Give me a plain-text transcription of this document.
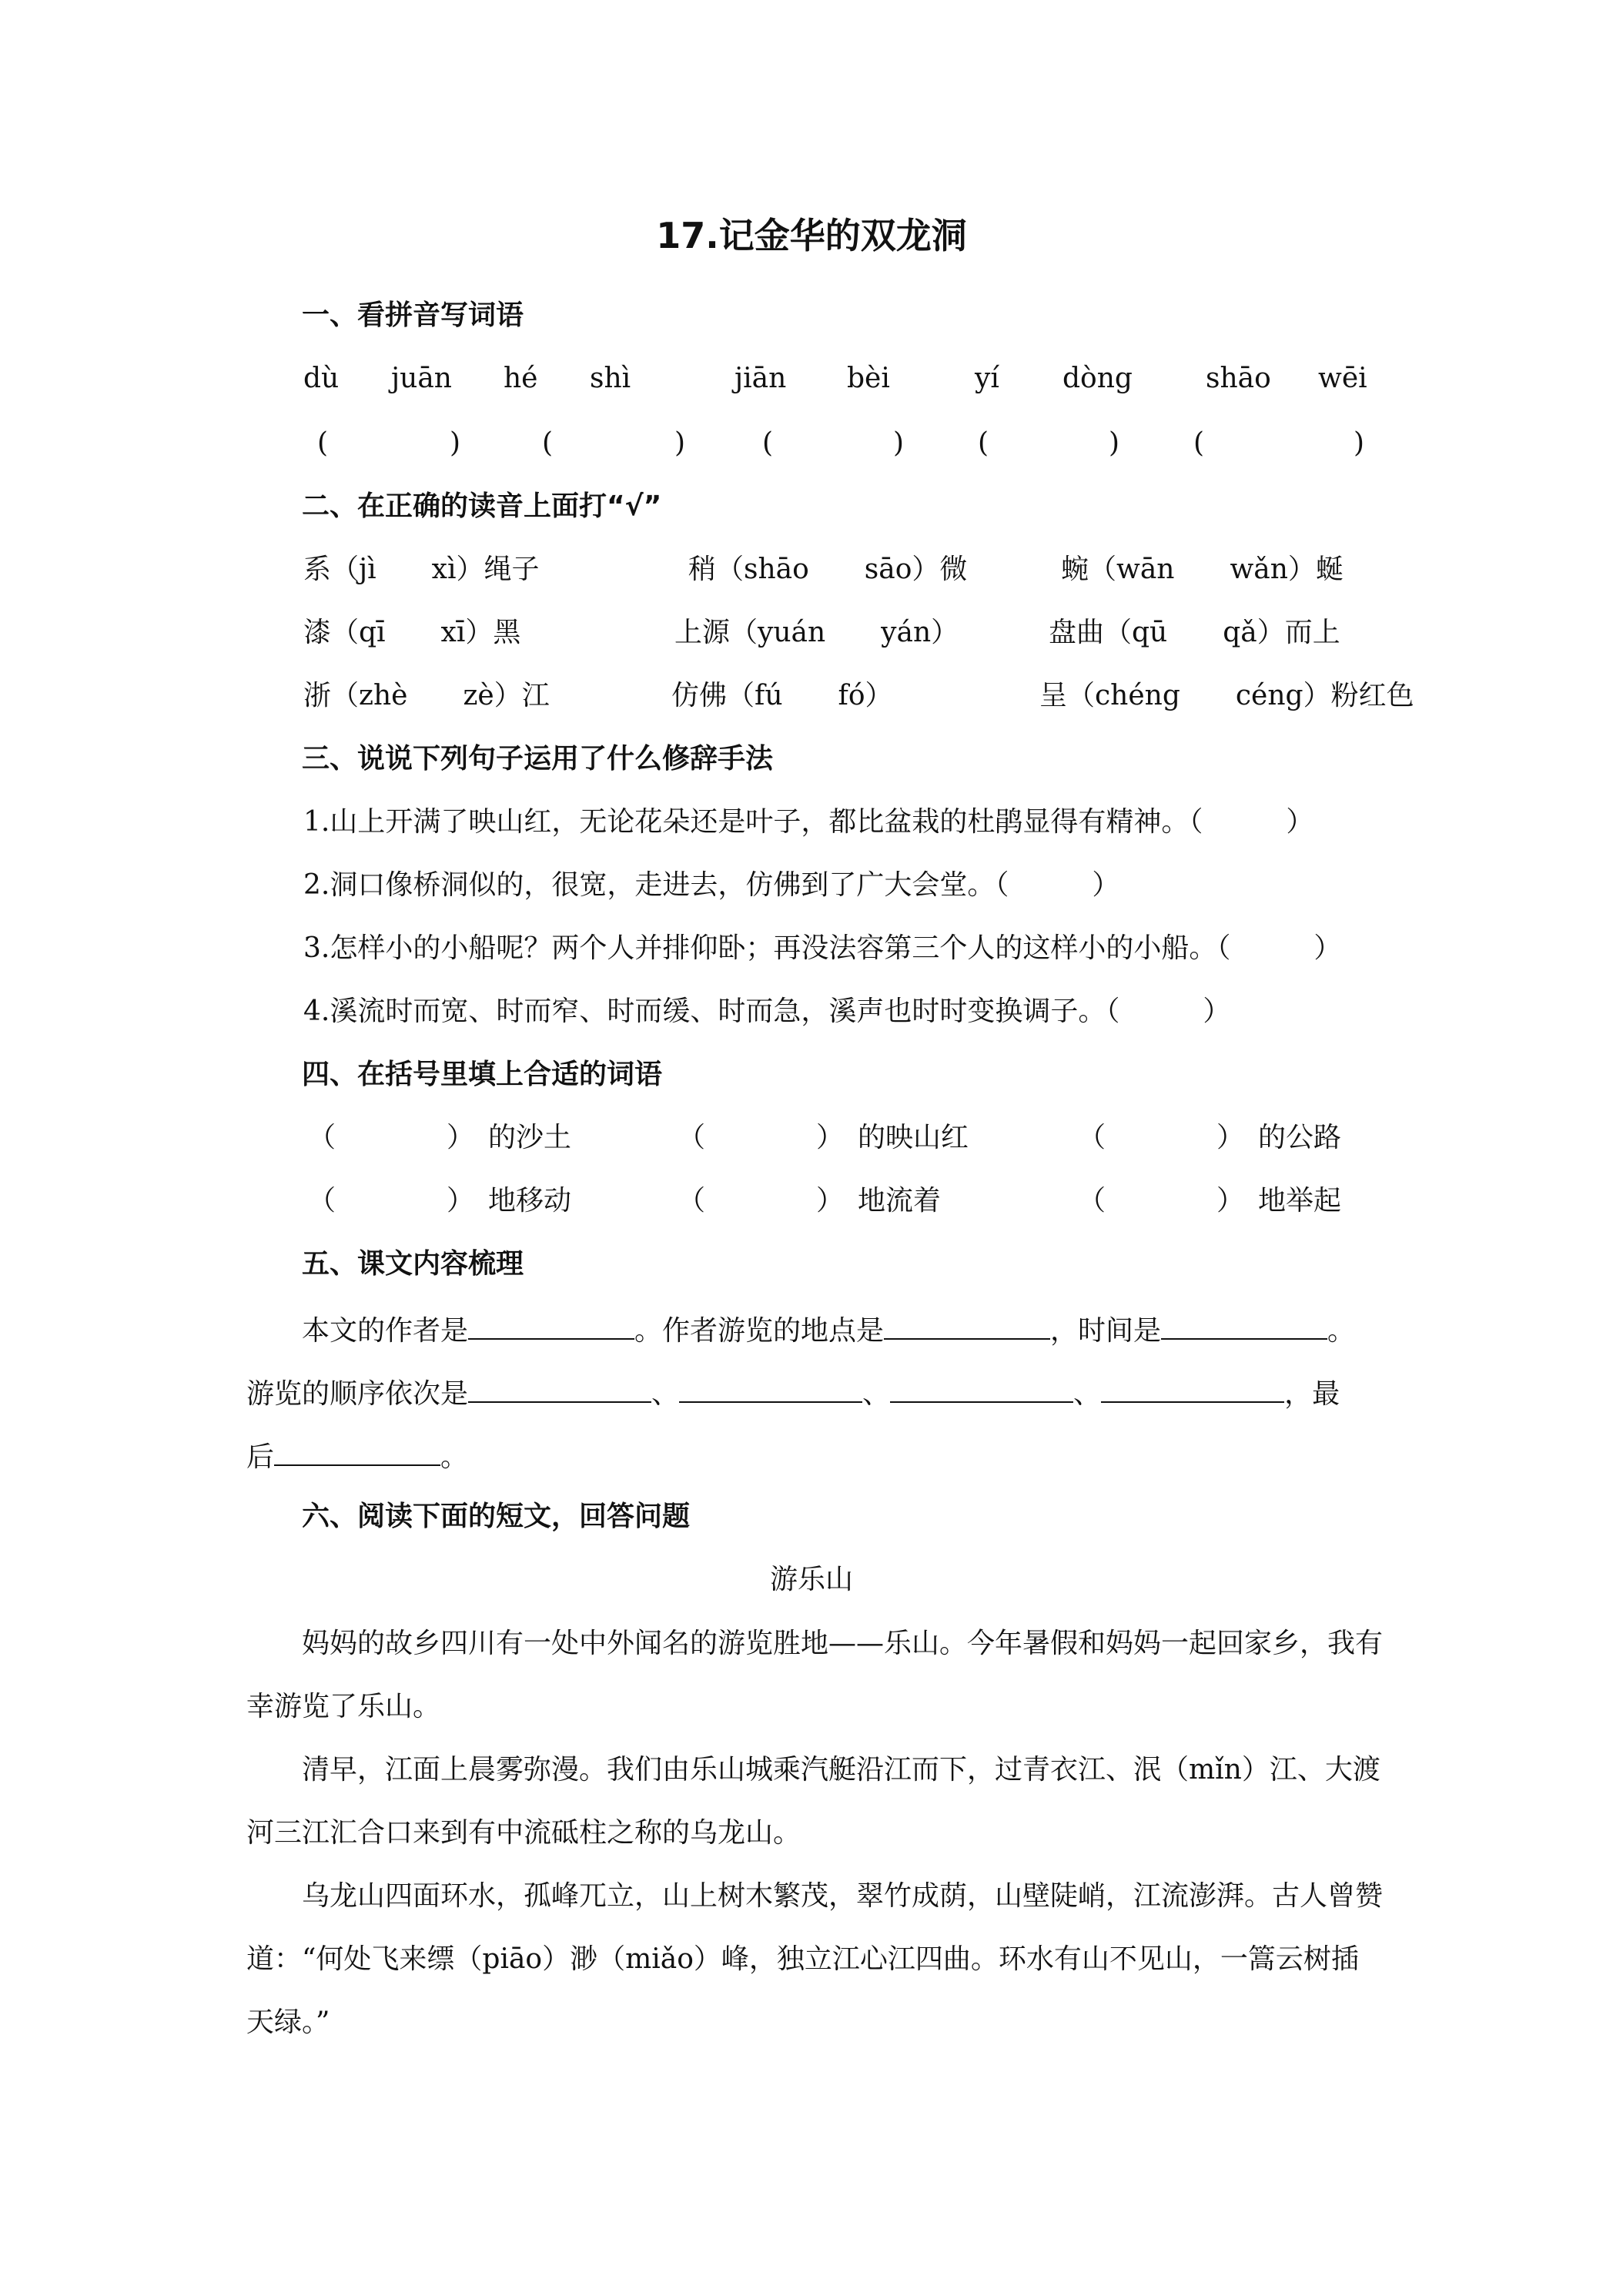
17.记金华的双龙洞
一、看拼音写词语
dù juān hé shì	jiān bèi	yí dòng	shāo wēi
(	)	(	)	(	)	(	)	(	)
二、在正确的读音上面打“√”
系（jì　　xì）绳子	稍（shāo　　sāo）微	蜿（wān　　wǎn）蜒
漆（qī　　xī）黑	上源（yuán　　yán）	盘曲（qū　　qǎ）而上
浙（zhè　　zè）江	仿佛（fú　　fó）	呈（chéng　　céng）粉红色
三、说说下列句子运用了什么修辞手法
1.山上开满了映山红，无论花朵还是叶子，都比盆栽的杜鹃显得有精神。（　　　）
2.洞口像桥洞似的，很宽，走进去，仿佛到了广大会堂。（　　　）
3.怎样小的小船呢？两个人并排仰卧；再没法容第三个人的这样小的小船。（　　　）
4.溪流时而宽、时而窄、时而缓、时而急，溪声也时时变换调子。（　　　）
四、在括号里填上合适的词语
（	） 的沙土	（	） 的映山红	（	） 的公路
（	） 地移动	（	） 地流着	（	） 地举起
五、课文内容梳理
本文的作者是	。作者游览的地点是	，时间是	。
游览的顺序依次是	、	、	、	，最
后	。
六、阅读下面的短文，回答问题
游乐山
妈妈的故乡四川有一处中外闻名的游览胜地——乐山。今年暑假和妈妈一起回家乡，我有幸游览了乐山。
清早，江面上晨雾弥漫。我们由乐山城乘汽艇沿江而下，过青衣江、泯（mǐn）江、大渡河三江汇合口来到有中流砥柱之称的乌龙山。
乌龙山四面环水，孤峰兀立，山上树木繁茂，翠竹成荫，山壁陡峭，江流澎湃。古人曾赞道：“何处飞来缥（piāo）渺（miǎo）峰，独立江心江四曲。环水有山不见山，一篙云树插天绿。”
